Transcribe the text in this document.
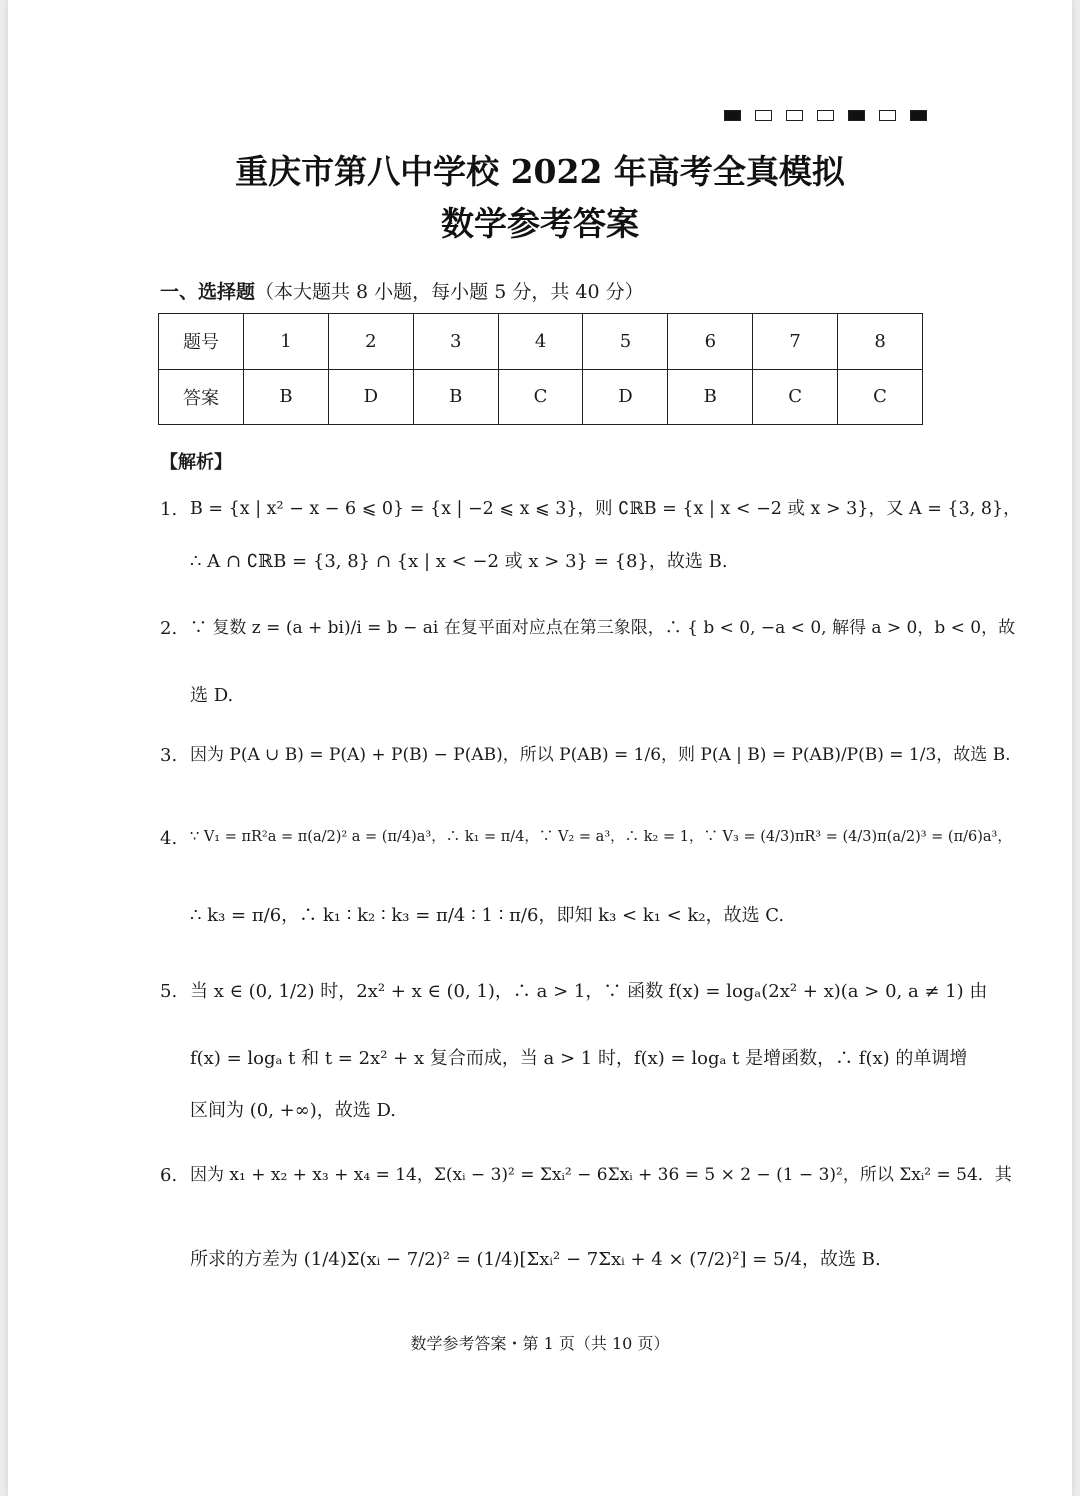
重庆市第八中学校 2022 年高考全真模拟
数学参考答案
一、选择题（本大题共 8 小题，每小题 5 分，共 40 分）
题号	1	2	3	4	5	6	7	8
答案	B	D	B	C	D	B	C	C
【解析】
1. B = {x | x² − x − 6 ⩽ 0} = {x | −2 ⩽ x ⩽ 3}，则 ∁ℝB = {x | x < −2 或 x > 3}，又 A = {3, 8}，
∴ A ∩ ∁ℝB = {3, 8} ∩ {x | x < −2 或 x > 3} = {8}，故选 B.
2. ∵ 复数 z = (a + bi)/i = b − ai 在复平面对应点在第三象限，∴ { b < 0, −a < 0, 解得 a > 0，b < 0，故
选 D.
3. 因为 P(A ∪ B) = P(A) + P(B) − P(AB)，所以 P(AB) = 1/6，则 P(A | B) = P(AB)/P(B) = 1/3，故选 B.
4. ∵ V₁ = πR²a = π(a/2)² a = (π/4)a³，∴ k₁ = π/4，∵ V₂ = a³，∴ k₂ = 1，∵ V₃ = (4/3)πR³ = (4/3)π(a/2)³ = (π/6)a³，
∴ k₃ = π/6，∴ k₁ ∶ k₂ ∶ k₃ = π/4 ∶ 1 ∶ π/6，即知 k₃ < k₁ < k₂，故选 C.
5. 当 x ∈ (0, 1/2) 时，2x² + x ∈ (0, 1)，∴ a > 1，∵ 函数 f(x) = logₐ(2x² + x)(a > 0, a ≠ 1) 由
f(x) = logₐ t 和 t = 2x² + x 复合而成，当 a > 1 时，f(x) = logₐ t 是增函数，∴ f(x) 的单调增
区间为 (0, +∞)，故选 D.
6. 因为 x₁ + x₂ + x₃ + x₄ = 14，Σ(xᵢ − 3)² = Σxᵢ² − 6Σxᵢ + 36 = 5 × 2 − (1 − 3)²，所以 Σxᵢ² = 54．其
所求的方差为 (1/4)Σ(xᵢ − 7/2)² = (1/4)[Σxᵢ² − 7Σxᵢ + 4 × (7/2)²] = 5/4，故选 B.
数学参考答案・第 1 页（共 10 页）
